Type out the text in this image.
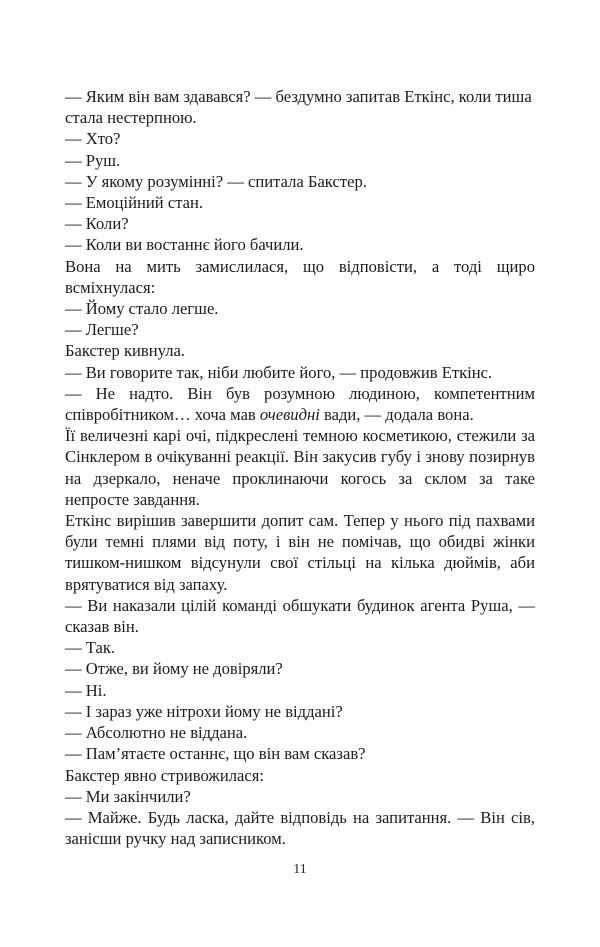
— Яким він вам здавався? — бездумно запитав Еткінс, коли тиша стала нестерпною.

— Хто?

— Руш.

— У якому розумінні? — спитала Бакстер.

— Емоційний стан.

— Коли?

— Коли ви востаннє його бачили.

Вона на мить замислилася, що відповісти, а тоді щиро всміхнулася:

— Йому стало легше.

— Легше?

Бакстер кивнула.

— Ви говорите так, ніби любите його, — продовжив Еткінс.

— Не надто. Він був розумною людиною, компетентним співробітником… хоча мав очевидні вади, — додала вона.

Її величезні карі очі, підкреслені темною косметикою, стежили за Сінклером в очікуванні реакції. Він закусив губу і знову позирнув на дзеркало, неначе проклинаючи когось за склом за таке непросте завдання.

Еткінс вирішив завершити допит сам. Тепер у нього під пахвами були темні плями від поту, і він не помічав, що обидві жінки тишком-нишком відсунули свої стільці на кілька дюймів, аби врятуватися від запаху.

— Ви наказали цілій команді обшукати будинок агента Руша, — сказав він.

— Так.

— Отже, ви йому не довіряли?

— Ні.

— І зараз уже нітрохи йому не віддані?

— Абсолютно не віддана.

— Пам’ятаєте останнє, що він вам сказав?

Бакстер явно стривожилася:

— Ми закінчили?

— Майже. Будь ласка, дайте відповідь на запитання. — Він сів, занісши ручку над записником.

11
